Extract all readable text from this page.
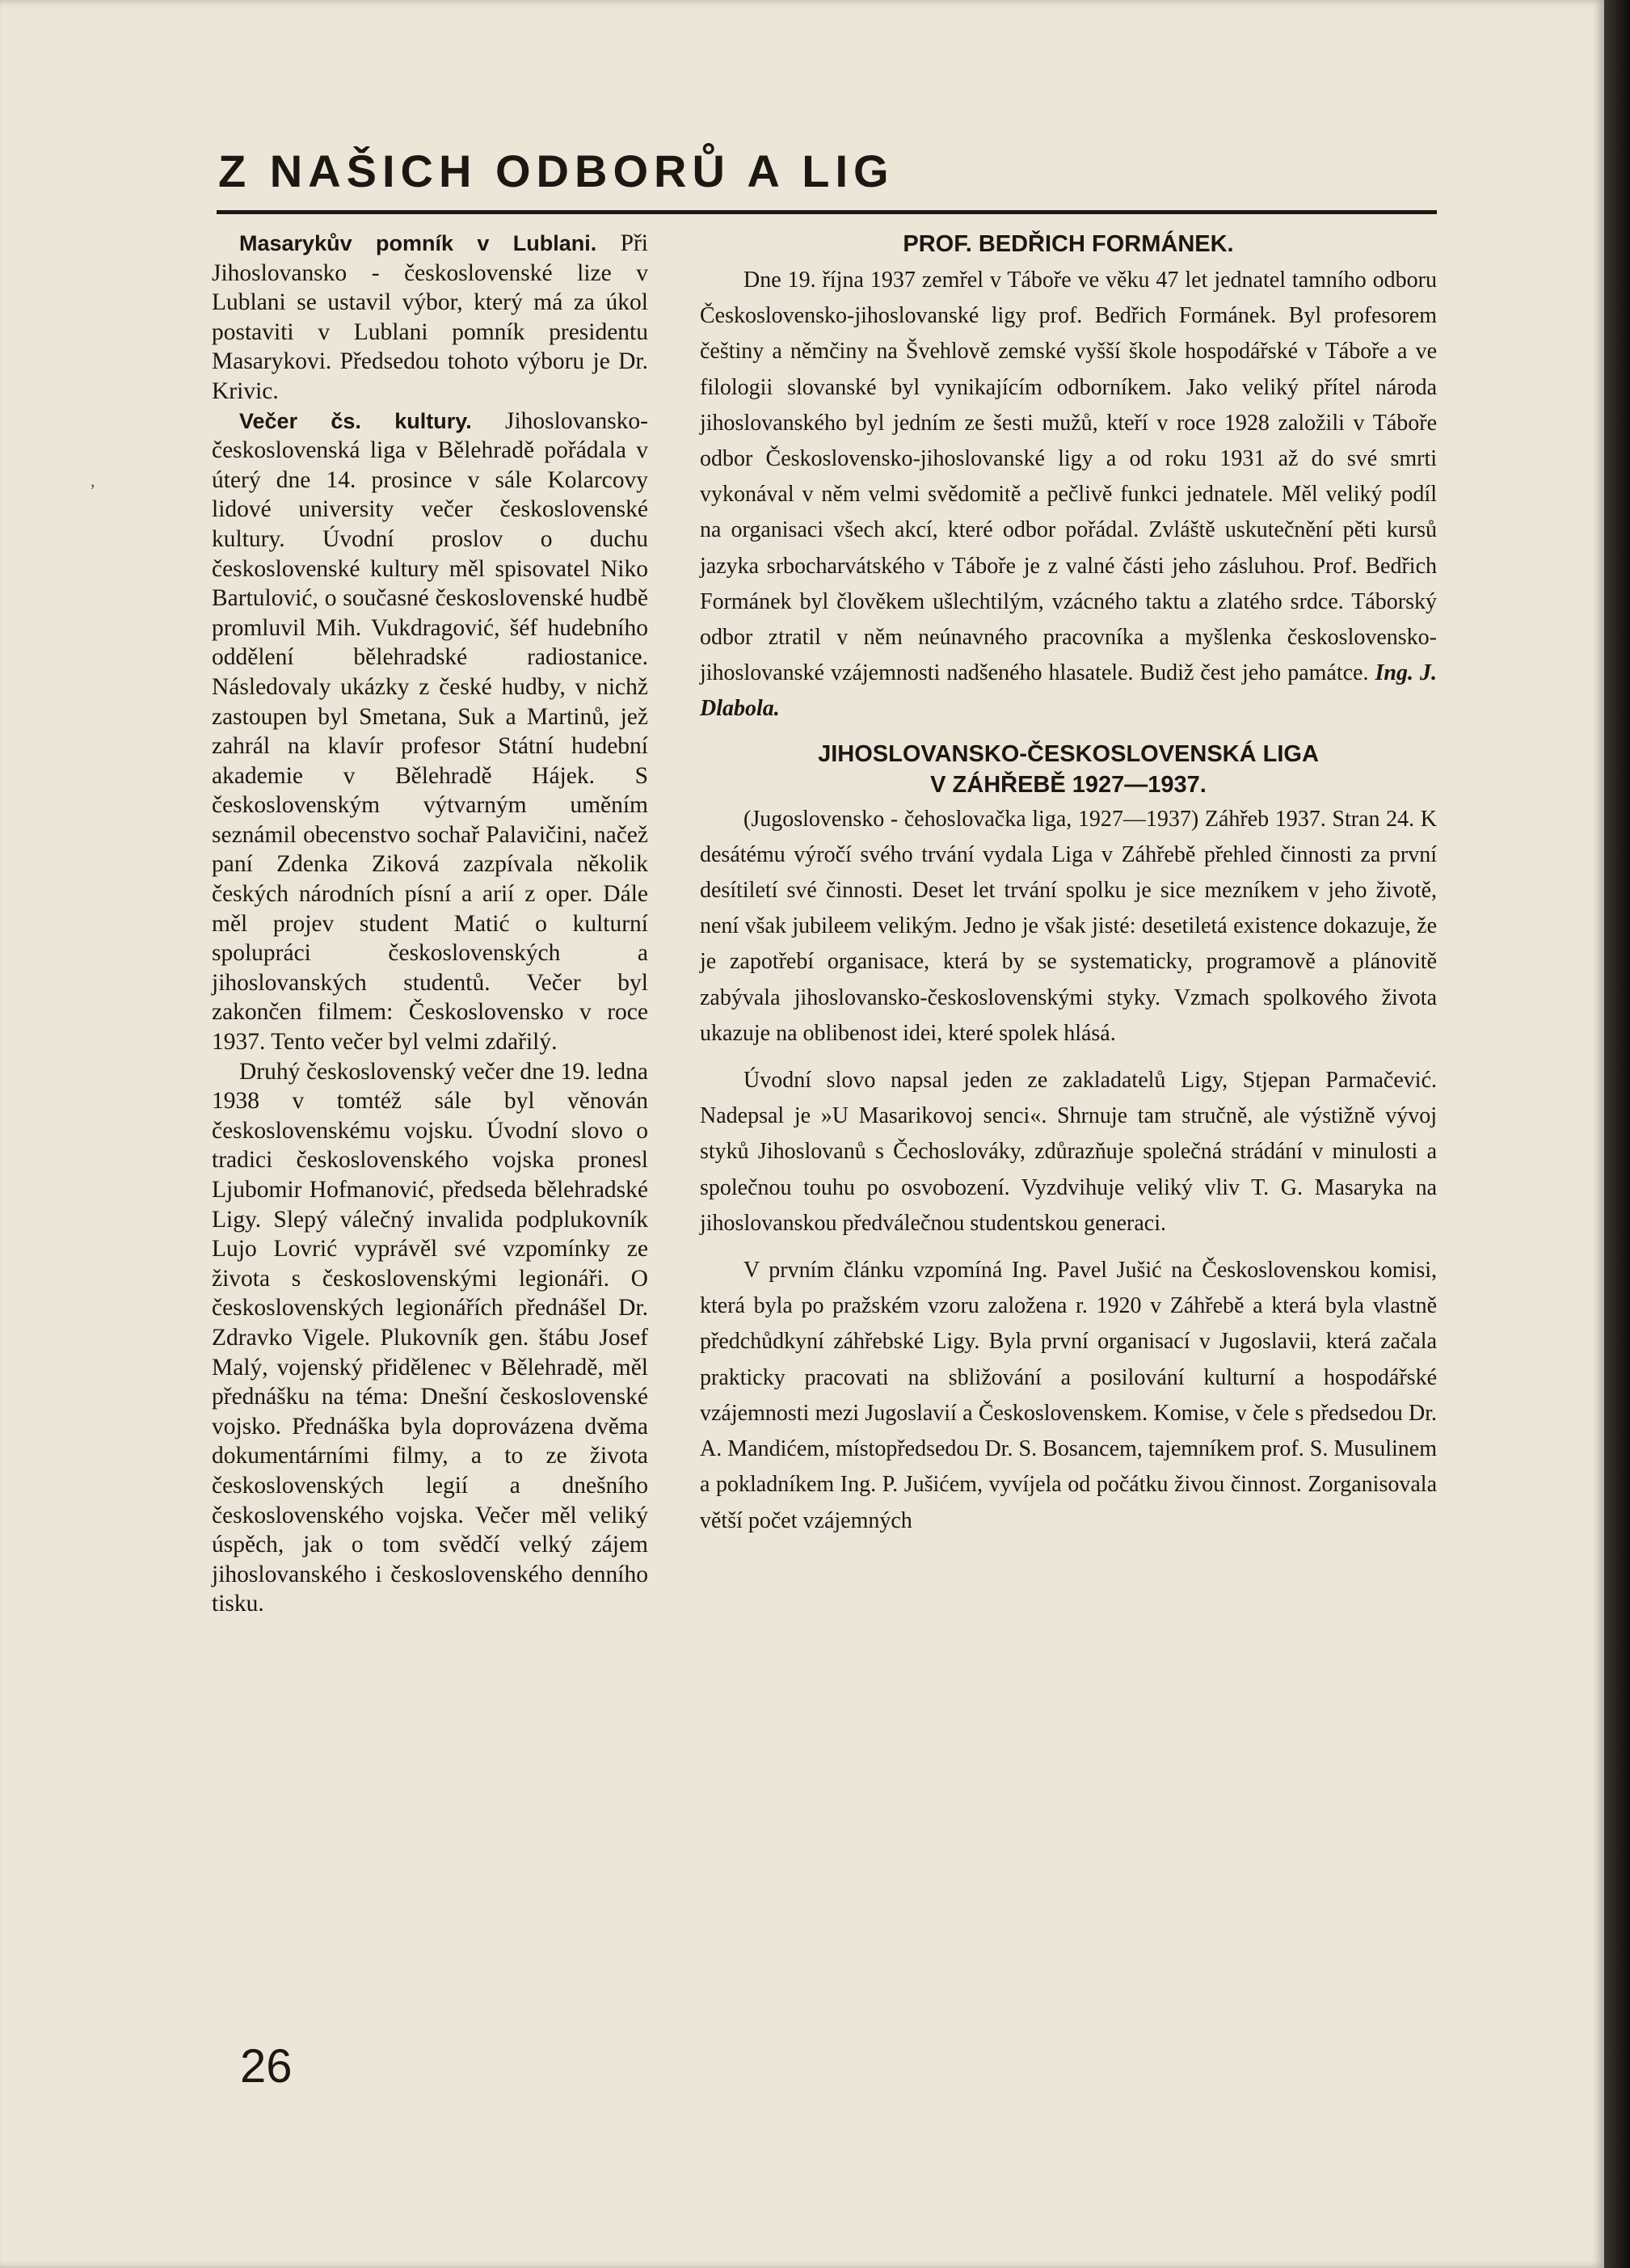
Z NAŠICH ODBORŮ A LIG
,

Masarykův pomník v Lublani. Při Jihoslovansko - československé lize v Lublani se ustavil výbor, který má za úkol postaviti v Lublani pomník presidentu Masarykovi. Předsedou tohoto výboru je Dr. Krivic.

Večer čs. kultury. Jihoslovansko-československá liga v Bělehradě pořádala v úterý dne 14. prosince v sále Kolarcovy lidové university večer československé kultury. Úvodní proslov o duchu československé kultury měl spisovatel Niko Bartulović, o současné československé hudbě promluvil Mih. Vukdragović, šéf hudebního oddělení bělehradské radiostanice. Následovaly ukázky z české hudby, v nichž zastoupen byl Smetana, Suk a Martinů, jež zahrál na klavír profesor Státní hudební akademie v Bělehradě Hájek. S československým výtvarným uměním seznámil obecenstvo sochař Palavičini, načež paní Zdenka Ziková zazpívala několik českých národních písní a arií z oper. Dále měl projev student Matić o kulturní spolupráci československých a jihoslovanských studentů. Večer byl zakončen filmem: Československo v roce 1937. Tento večer byl velmi zdařilý.

Druhý československý večer dne 19. ledna 1938 v tomtéž sále byl věnován československému vojsku. Úvodní slovo o tradici československého vojska pronesl Ljubomir Hofmanović, předseda bělehradské Ligy. Slepý válečný invalida podplukovník Lujo Lovrić vyprávěl své vzpomínky ze života s československými legionáři. O československých legionářích přednášel Dr. Zdravko Vigele. Plukovník gen. štábu Josef Malý, vojenský přidělenec v Bělehradě, měl přednášku na téma: Dnešní československé vojsko. Přednáška byla doprovázena dvěma dokumentárními filmy, a to ze života československých legií a dnešního československého vojska. Večer měl veliký úspěch, jak o tom svědčí velký zájem jihoslovanského i československého denního tisku.

PROF. BEDŘICH FORMÁNEK.

Dne 19. října 1937 zemřel v Táboře ve věku 47 let jednatel tamního odboru Československo-jihoslovanské ligy prof. Bedřich Formánek. Byl profesorem češtiny a němčiny na Švehlově zemské vyšší škole hospodářské v Táboře a ve filologii slovanské byl vynikajícím odborníkem. Jako veliký přítel národa jihoslovanského byl jedním ze šesti mužů, kteří v roce 1928 založili v Táboře odbor Československo-jihoslovanské ligy a od roku 1931 až do své smrti vykonával v něm velmi svědomitě a pečlivě funkci jednatele. Měl veliký podíl na organisaci všech akcí, které odbor pořádal. Zvláště uskutečnění pěti kursů jazyka srbocharvátského v Táboře je z valné části jeho zásluhou. Prof. Bedřich Formánek byl člověkem ušlechtilým, vzácného taktu a zlatého srdce. Táborský odbor ztratil v něm neúnavného pracovníka a myšlenka československo-jihoslovanské vzájemnosti nadšeného hlasatele. Budiž čest jeho památce. Ing. J. Dlabola.

JIHOSLOVANSKO-ČESKOSLOVENSKÁ LIGA
V ZÁHŘEBĚ 1927—1937.

(Jugoslovensko - čehoslovačka liga, 1927—1937) Záhřeb 1937. Stran 24. K desátému výročí svého trvání vydala Liga v Záhřebě přehled činnosti za první desítiletí své činnosti. Deset let trvání spolku je sice mezníkem v jeho životě, není však jubileem velikým. Jedno je však jisté: desetiletá existence dokazuje, že je zapotřebí organisace, která by se systematicky, programově a plánovitě zabývala jihoslovansko-československými styky. Vzmach spolkového života ukazuje na oblibenost idei, které spolek hlásá.

Úvodní slovo napsal jeden ze zakladatelů Ligy, Stjepan Parmačević. Nadepsal je »U Masarikovoj senci«. Shrnuje tam stručně, ale výstižně vývoj styků Jihoslovanů s Čechoslováky, zdůrazňuje společná strádání v minulosti a společnou touhu po osvobození. Vyzdvihuje veliký vliv T. G. Masaryka na jihoslovanskou předválečnou studentskou generaci.

V prvním článku vzpomíná Ing. Pavel Jušić na Československou komisi, která byla po pražském vzoru založena r. 1920 v Záhřebě a která byla vlastně předchůdkyní záhřebské Ligy. Byla první organisací v Jugoslavii, která začala prakticky pracovati na sbližování a posilování kulturní a hospodářské vzájemnosti mezi Jugoslavií a Československem. Komise, v čele s předsedou Dr. A. Mandićem, místopředsedou Dr. S. Bosancem, tajemníkem prof. S. Musulinem a pokladníkem Ing. P. Jušićem, vyvíjela od počátku živou činnost. Zorganisovala větší počet vzájemných

26
